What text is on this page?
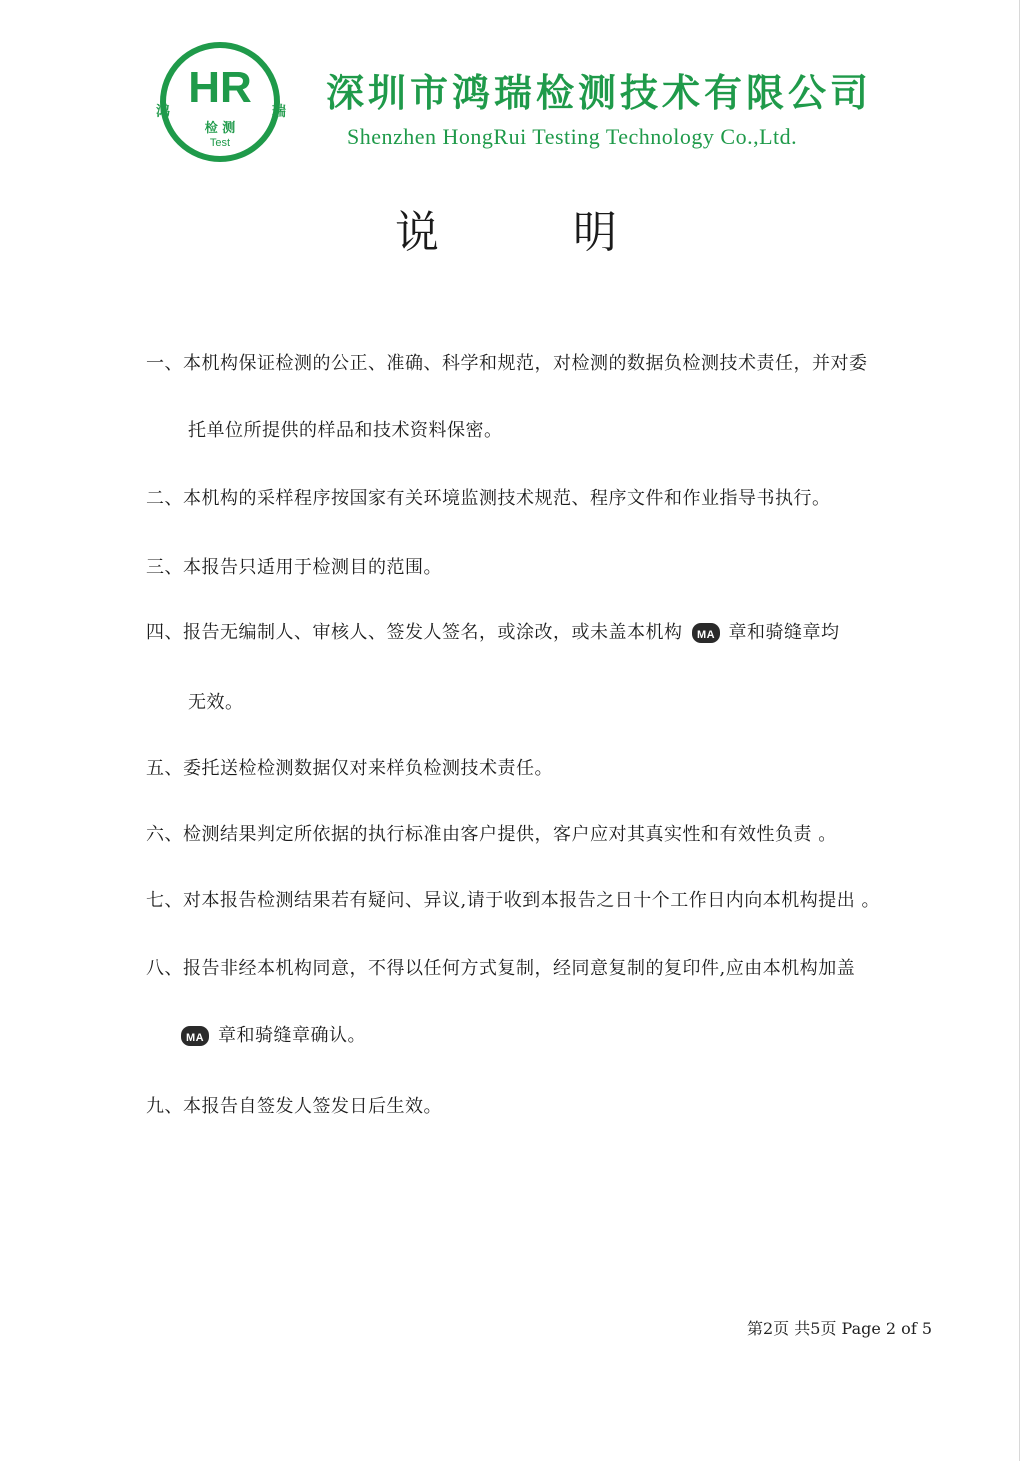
HR
鸿	瑞
检 测
Test
深圳市鸿瑞检测技术有限公司
Shenzhen HongRui Testing Technology Co.,Ltd.
说 明
一、本机构保证检测的公正、准确、科学和规范，对检测的数据负检测技术责任，并对委
托单位所提供的样品和技术资料保密。
二、本机构的采样程序按国家有关环境监测技术规范、程序文件和作业指导书执行。
三、本报告只适用于检测目的范围。
四、报告无编制人、审核人、签发人签名，或涂改，或未盖本机构 MA 章和骑缝章均
无效。
五、委托送检检测数据仅对来样负检测技术责任。
六、检测结果判定所依据的执行标准由客户提供，客户应对其真实性和有效性负责 。
七、对本报告检测结果若有疑问、异议,请于收到本报告之日十个工作日内向本机构提出 。
八、报告非经本机构同意，不得以任何方式复制，经同意复制的复印件,应由本机构加盖
MA 章和骑缝章确认。
九、本报告自签发人签发日后生效。
第2页 共5页 Page 2 of 5
